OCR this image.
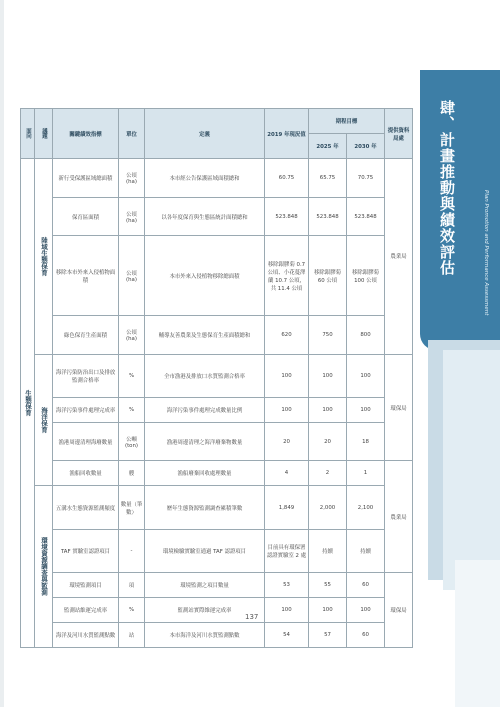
肆、計畫推動與績效評估	Plan Promotion and Performance Assessment
面向	議題	關鍵績效指標	單位	定義	2019 年現況值	期程目標		提供資料局處
						2025 年	2030 年	
生態保育	陸域生態保育	新行受保護區域總面積	公頃 (ha)	本市經公告保護區域面積總和	60.75	65.75	70.75	農業局
		保育區面積	公頃 (ha)	以各年度保育與生態區統計面積總和	523.848	523.848	523.848	
		移除本市外來入侵植物面積	公頃 (ha)	本市外來入侵植物移除總面積	移除銀膠菊 0.7 公頃、小花蔓澤蘭 10.7 公頃，共 11.4 公頃	移除銀膠菊 60 公頃	移除銀膠菊 100 公頃	
		綠色保育生產面積	公頃 (ha)	輔導友善農業及生態保育生產面積總和	620	750	800	
	海洋保育	海洋污染防治出口及排放監測合格率	%	全市漁港及排放口水質監測合格率	100	100	100	環保局
		海洋污染事件處理完成率	%	海洋污染事件處理完成數量比例	100	100	100	
		漁港周邊清理海廢數量	公噸 (ton)	漁港周邊清理之海洋廢棄物數量	20	20	18	
		漁船回收數量	艘	漁船廢棄回收處理數量	4	2	1	農業局
	環境資源調查與監測	五溝水生態資源監測頻度	數量（筆數）	歷年生態資源監測調查累積筆數	1,849	2,000	2,100	
		TAF 實驗室認證項目	-	環境檢驗實驗室通過 TAF 認證項目	目前具有環保署認證實驗室 2 處	持續	持續	
		環境監測項目	項	環境監測之項目數量	53	55	60	環保局
		監測站維運完成率	%	監測站實際維運完成率	100	100	100	
		海洋及河川水質監測點數	站	本市海洋及河川水質監測點數	54	57	60	
137
